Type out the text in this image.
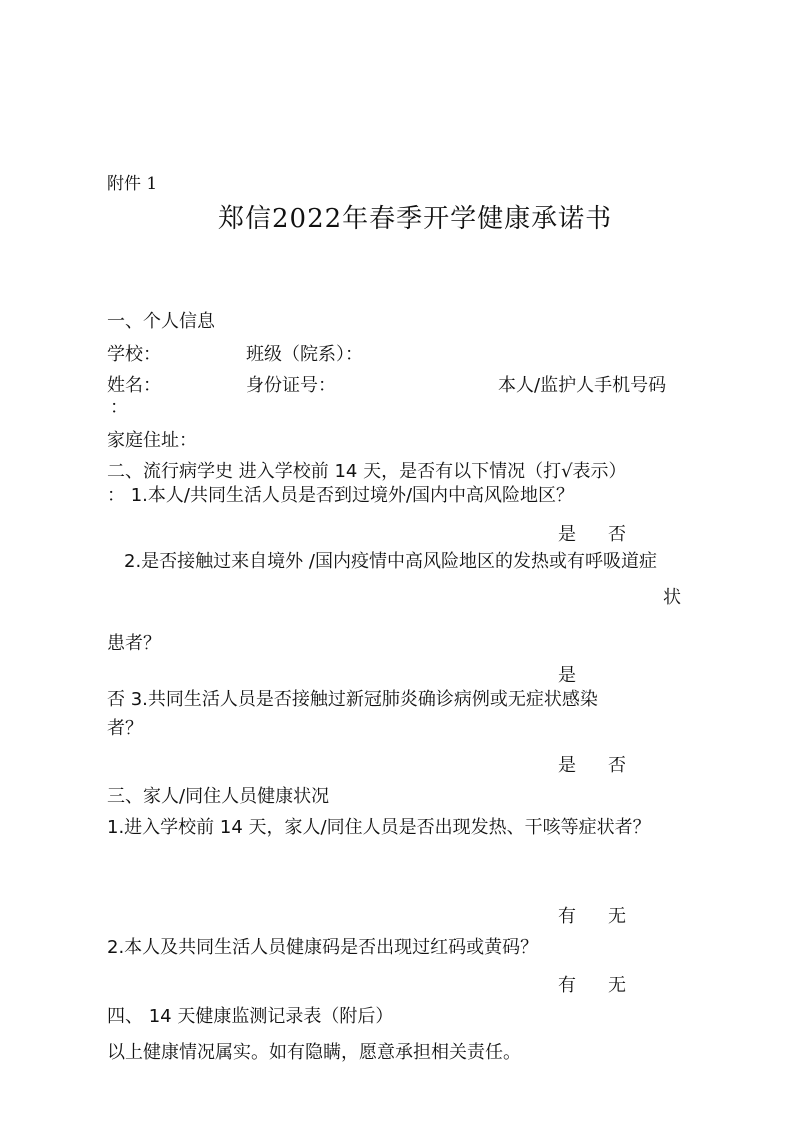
附件 1
郑信2022年春季开学健康承诺书
一、个人信息
学校：	班级（院系）：
姓名：	身份证号：	本人/监护人手机号码
：
家庭住址：
二、流行病学史 进入学校前 14 天，是否有以下情况（打√表示）
： 1.本人/共同生活人员是否到过境外/国内中高风险地区？
是 否
2.是否接触过来自境外 /国内疫情中高风险地区的发热或有呼吸道症
状
患者？
是
否 3.共同生活人员是否接触过新冠肺炎确诊病例或无症状感染
者？
是 否
三、家人/同住人员健康状况
1.进入学校前 14 天，家人/同住人员是否出现发热、干咳等症状者？
有 无
2.本人及共同生活人员健康码是否出现过红码或黄码？
有 无
四、 14 天健康监测记录表（附后）
以上健康情况属实。如有隐瞒，愿意承担相关责任。
